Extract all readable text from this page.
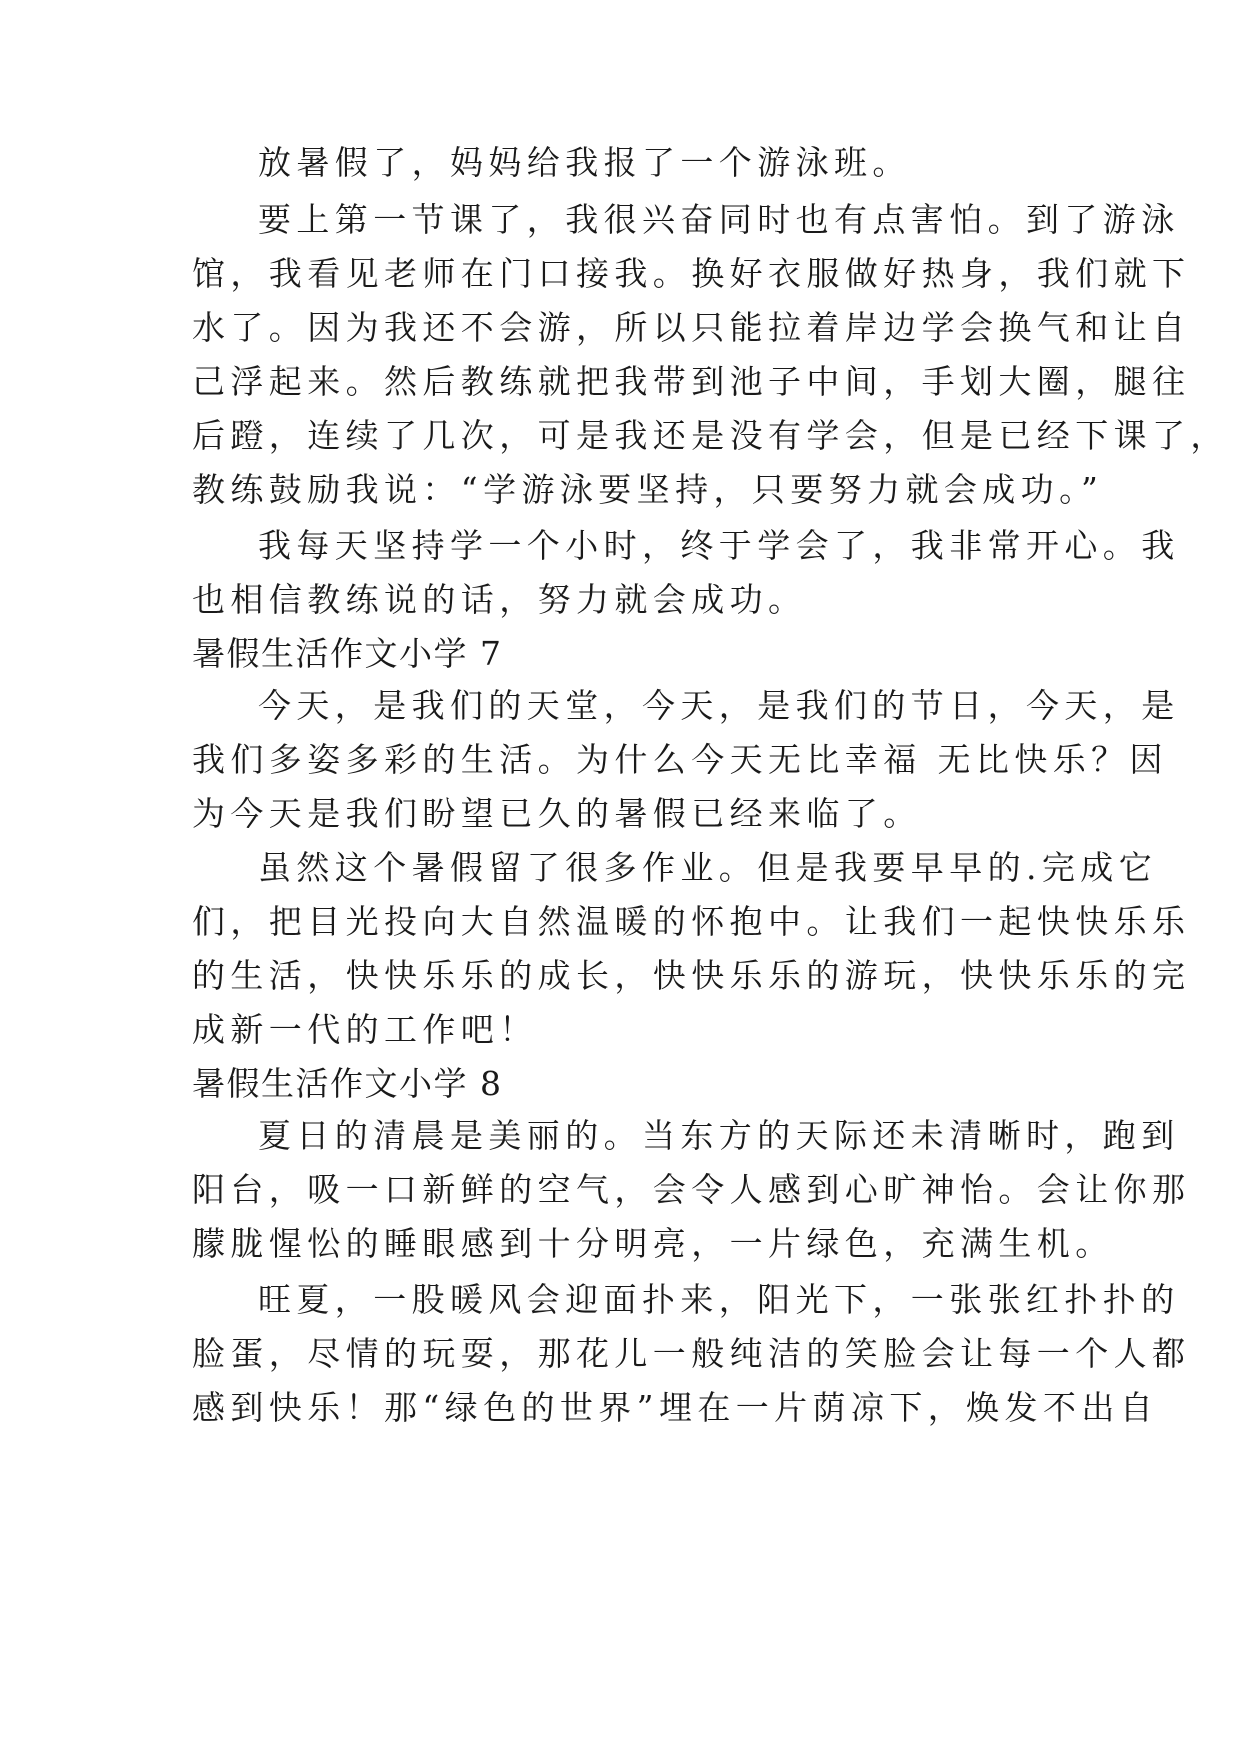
放暑假了，妈妈给我报了一个游泳班。
要上第一节课了，我很兴奋同时也有点害怕。到了游泳
馆，我看见老师在门口接我。换好衣服做好热身，我们就下
水了。因为我还不会游，所以只能拉着岸边学会换气和让自
己浮起来。然后教练就把我带到池子中间，手划大圈，腿往
后蹬，连续了几次，可是我还是没有学会，但是已经下课了，
教练鼓励我说：“学游泳要坚持，只要努力就会成功。”
我每天坚持学一个小时，终于学会了，我非常开心。我
也相信教练说的话，努力就会成功。
暑假生活作文小学 7
今天，是我们的天堂，今天，是我们的节日，今天，是
我们多姿多彩的生活。为什么今天无比幸福 无比快乐？因
为今天是我们盼望已久的暑假已经来临了。
虽然这个暑假留了很多作业。但是我要早早的.完成它
们，把目光投向大自然温暖的怀抱中。让我们一起快快乐乐
的生活，快快乐乐的成长，快快乐乐的游玩，快快乐乐的完
成新一代的工作吧！
暑假生活作文小学 8
夏日的清晨是美丽的。当东方的天际还未清晰时，跑到
阳台，吸一口新鲜的空气，会令人感到心旷神怡。会让你那
朦胧惺忪的睡眼感到十分明亮，一片绿色，充满生机。
旺夏，一股暖风会迎面扑来，阳光下，一张张红扑扑的
脸蛋，尽情的玩耍，那花儿一般纯洁的笑脸会让每一个人都
感到快乐！那“绿色的世界”埋在一片荫凉下，焕发不出自
